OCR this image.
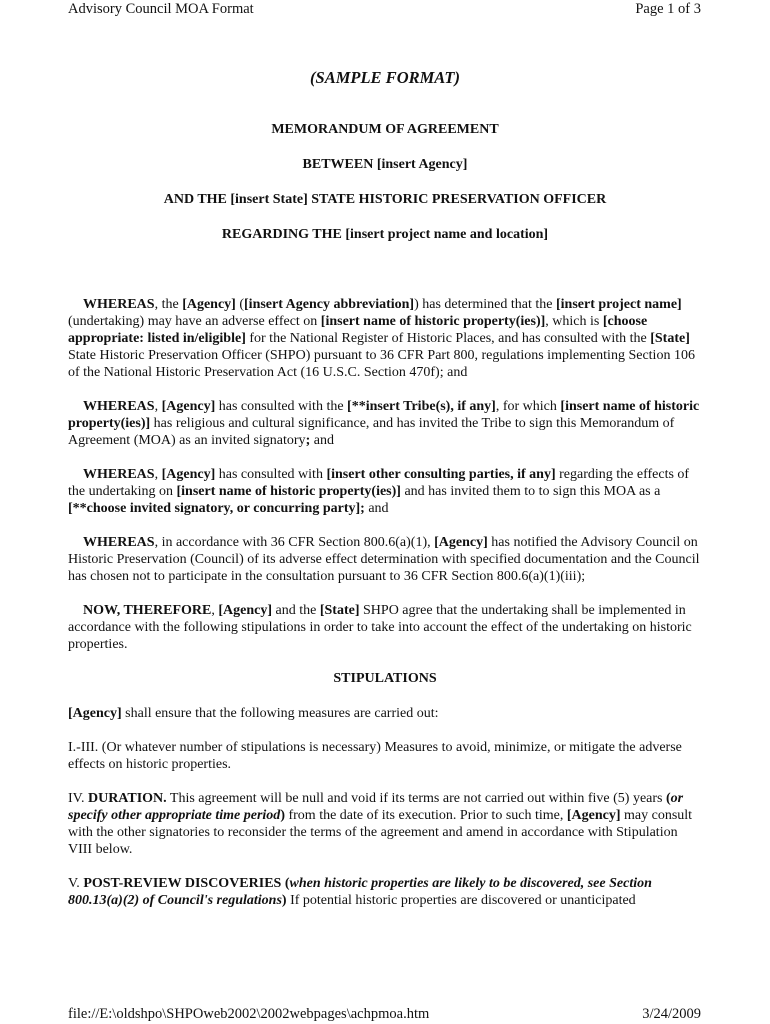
Advisory Council MOA Format	Page 1 of 3
(SAMPLE FORMAT)
MEMORANDUM OF AGREEMENT
BETWEEN [insert Agency]
AND THE [insert State] STATE HISTORIC PRESERVATION OFFICER
REGARDING THE [insert project name and location]

WHEREAS, the [Agency] ([insert Agency abbreviation]) has determined that the [insert project name] (undertaking) may have an adverse effect on [insert name of historic property(ies)], which is [choose appropriate: listed in/eligible] for the National Register of Historic Places, and has consulted with the [State] State Historic Preservation Officer (SHPO) pursuant to 36 CFR Part 800, regulations implementing Section 106 of the National Historic Preservation Act (16 U.S.C. Section 470f); and

WHEREAS, [Agency] has consulted with the [**insert Tribe(s), if any], for which [insert name of historic property(ies)] has religious and cultural significance, and has invited the Tribe to sign this Memorandum of Agreement (MOA) as an invited signatory; and

WHEREAS, [Agency] has consulted with [insert other consulting parties, if any] regarding the effects of the undertaking on [insert name of historic property(ies)] and has invited them to to sign this MOA as a [**choose invited signatory, or concurring party]; and

WHEREAS, in accordance with 36 CFR Section 800.6(a)(1), [Agency] has notified the Advisory Council on Historic Preservation (Council) of its adverse effect determination with specified documentation and the Council has chosen not to participate in the consultation pursuant to 36 CFR Section 800.6(a)(1)(iii);

NOW, THEREFORE, [Agency] and the [State] SHPO agree that the undertaking shall be implemented in accordance with the following stipulations in order to take into account the effect of the undertaking on historic properties.

STIPULATIONS

[Agency] shall ensure that the following measures are carried out:

I.-III. (Or whatever number of stipulations is necessary) Measures to avoid, minimize, or mitigate the adverse effects on historic properties.

IV. DURATION. This agreement will be null and void if its terms are not carried out within five (5) years (or specify other appropriate time period) from the date of its execution. Prior to such time, [Agency] may consult with the other signatories to reconsider the terms of the agreement and amend in accordance with Stipulation VIII below.

V. POST-REVIEW DISCOVERIES (when historic properties are likely to be discovered, see Section 800.13(a)(2) of Council's regulations) If potential historic properties are discovered or unanticipated

file://E:\oldshpo\SHPOweb2002\2002webpages\achpmoa.htm	3/24/2009
